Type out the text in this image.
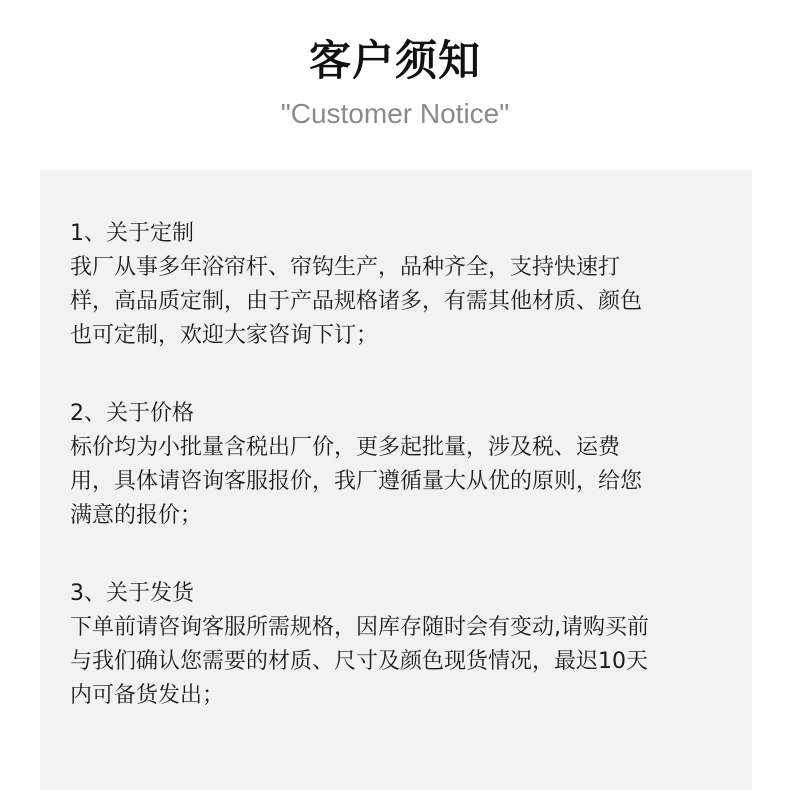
客户须知
"Customer Notice"
1、关于定制
我厂从事多年浴帘杆、帘钩生产，品种齐全，支持快速打
样，高品质定制，由于产品规格诸多，有需其他材质、颜色
也可定制，欢迎大家咨询下订；
2、关于价格
标价均为小批量含税出厂价，更多起批量，涉及税、运费
用，具体请咨询客服报价，我厂遵循量大从优的原则，给您
满意的报价；
3、关于发货
下单前请咨询客服所需规格，因库存随时会有变动,请购买前
与我们确认您需要的材质、尺寸及颜色现货情况，最迟10天
内可备货发出；
